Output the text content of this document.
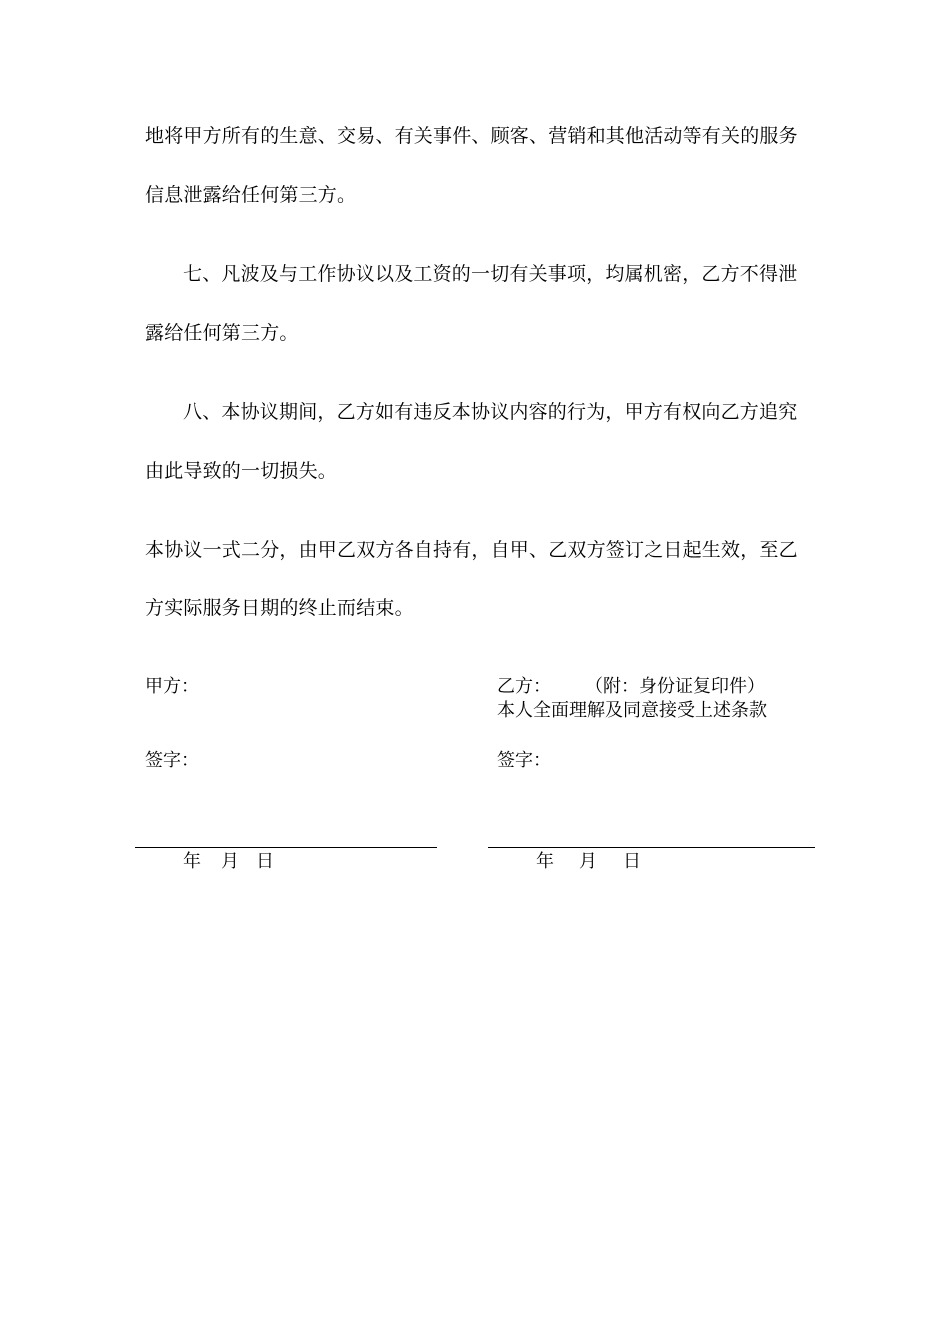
地将甲方所有的生意、交易、有关事件、顾客、营销和其他活动等有关的服务
信息泄露给任何第三方。
七、凡波及与工作协议以及工资的一切有关事项，均属机密，乙方不得泄
露给任何第三方。
八、本协议期间，乙方如有违反本协议内容的行为，甲方有权向乙方追究
由此导致的一切损失。
本协议一式二分，由甲乙双方各自持有，自甲、乙双方签订之日起生效，至乙
方实际服务日期的终止而结束。
甲方：
签字：
年 月 日
乙方： （附：身份证复印件）
本人全面理解及同意接受上述条款
签字：
年 月 日
